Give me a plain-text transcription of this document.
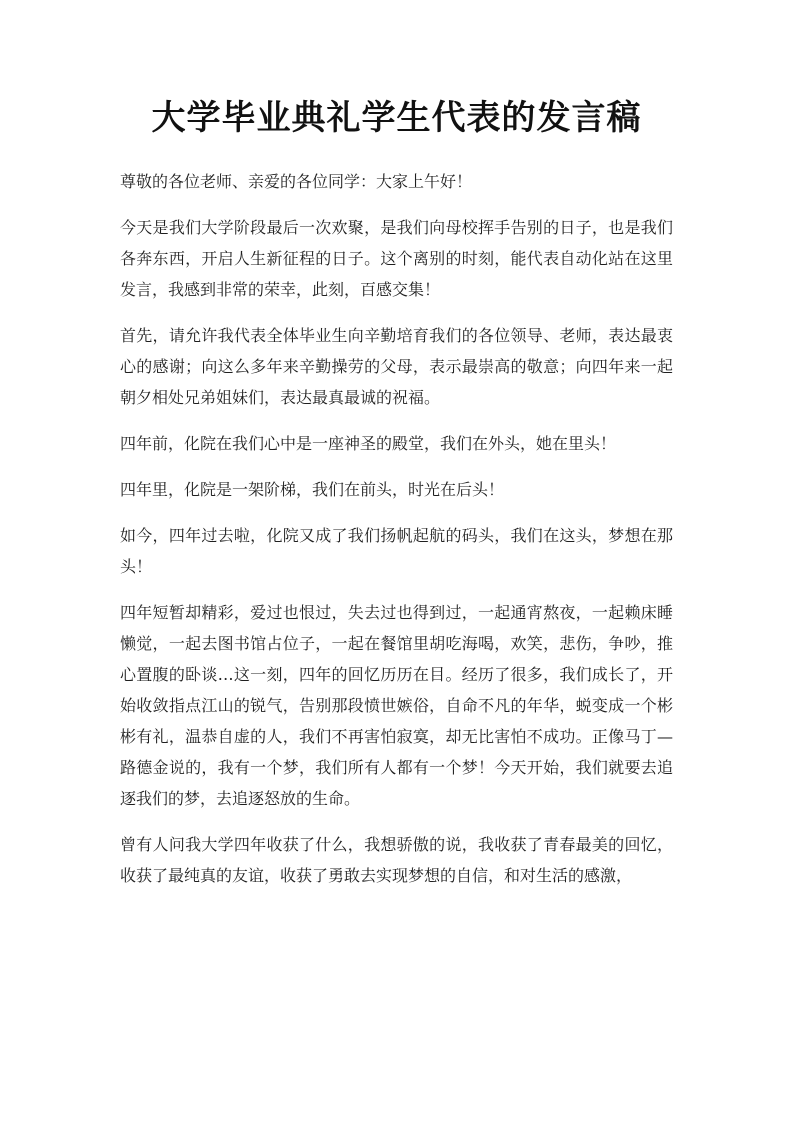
大学毕业典礼学生代表的发言稿

尊敬的各位老师、亲爱的各位同学：大家上午好！

今天是我们大学阶段最后一次欢聚，是我们向母校挥手告别的日子，也是我们各奔东西，开启人生新征程的日子。这个离别的时刻，能代表自动化站在这里发言，我感到非常的荣幸，此刻，百感交集！

首先，请允许我代表全体毕业生向辛勤培育我们的各位领导、老师，表达最衷心的感谢；向这么多年来辛勤操劳的父母，表示最崇高的敬意；向四年来一起朝夕相处兄弟姐妹们，表达最真最诚的祝福。

四年前，化院在我们心中是一座神圣的殿堂，我们在外头，她在里头！

四年里，化院是一架阶梯，我们在前头，时光在后头！

如今，四年过去啦，化院又成了我们扬帆起航的码头，我们在这头，梦想在那头！

四年短暂却精彩，爱过也恨过，失去过也得到过，一起通宵熬夜，一起赖床睡懒觉，一起去图书馆占位子，一起在餐馆里胡吃海喝，欢笑，悲伤，争吵，推心置腹的卧谈…这一刻，四年的回忆历历在目。经历了很多，我们成长了，开始收敛指点江山的锐气，告别那段愤世嫉俗，自命不凡的年华，蜕变成一个彬彬有礼，温恭自虚的人，我们不再害怕寂寞，却无比害怕不成功。正像马丁—路德金说的，我有一个梦，我们所有人都有一个梦！今天开始，我们就要去追逐我们的梦，去追逐怒放的生命。

曾有人问我大学四年收获了什么，我想骄傲的说，我收获了青春最美的回忆，收获了最纯真的友谊，收获了勇敢去实现梦想的自信，和对生活的感激，
